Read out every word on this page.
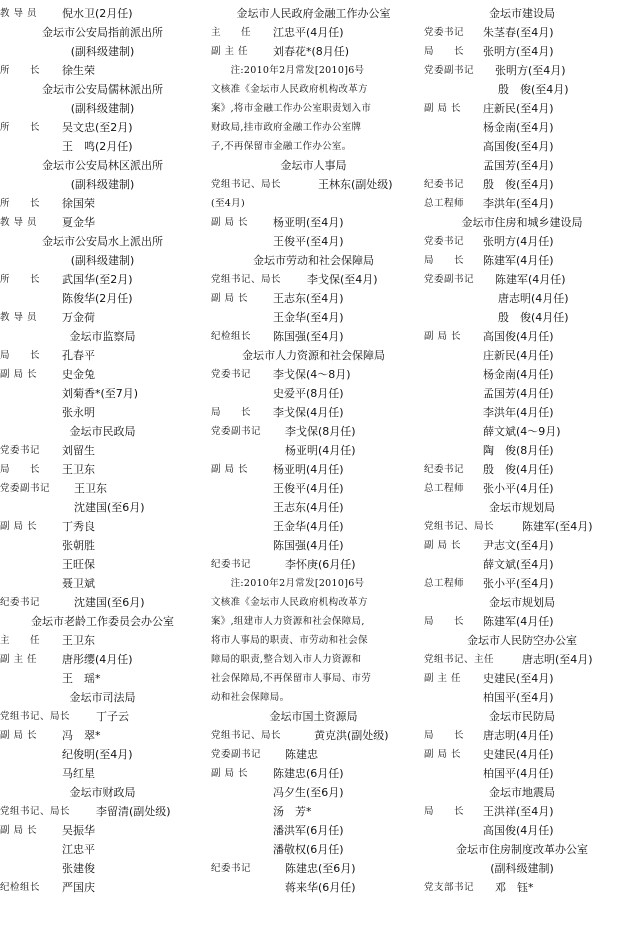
教 导 员 倪水卫(2月任)
金坛市公安局指前派出所
(副科级建制)
所　　长 徐生荣
金坛市公安局儒林派出所
(副科级建制)
所　　长 吴文忠(至2月)
王　鸣(2月任)
金坛市公安局林区派出所
(副科级建制)
所　　长 徐国荣
教 导 员 夏金华
金坛市公安局水上派出所
(副科级建制)
所　　长 武国华(至2月)
陈俊华(2月任)
教 导 员 万金荷
金坛市监察局
局　　长 孔春平
副 局 长 史金兔
刘菊香*(至7月)
张永明
金坛市民政局
党委书记 刘留生
局　　长 王卫东
党委副书记 王卫东
沈建国(至6月)
副 局 长 丁秀良
张朝胜
王旺保
聂卫斌
纪委书记	沈建国(至6月)
金坛市老龄工作委员会办公室
主　　任 王卫东
副 主 任 唐彤缨(4月任)
王　瑶*
金坛市司法局
党组书记、局长 丁子云
副 局 长 冯　翠*
纪俊明(至4月)
马红星
金坛市财政局
党组书记、局长 李留清(副处级)
副 局 长 吴振华
江忠平
张建俊
纪检组长 严国庆
金坛市人民政府金融工作办公室
主　　任 江忠平(4月任)
副 主 任 刘春花*(8月任)
　　注:2010年2月常发[2010]6号
文核准《金坛市人民政府机构改革方
案》,将市金融工作办公室职责划入市
财政局,挂市政府金融工作办公室牌
子,不再保留市金融工作办公室。
金坛市人事局
党组书记、局长	王林东(副处级)
(至4月)
副 局 长 杨亚明(至4月)
王俊平(至4月)
金坛市劳动和社会保障局
党组书记、局长 李戈保(至4月)
副 局 长 王志东(至4月)
王金华(至4月)
纪检组长 陈国强(至4月)
金坛市人力资源和社会保障局
党委书记 李戈保(4～8月)
史爱平(8月任)
局　　长 李戈保(4月任)
党委副书记 李戈保(8月任)
杨亚明(4月任)
副 局 长 杨亚明(4月任)
王俊平(4月任)
王志东(4月任)
王金华(4月任)
陈国强(4月任)
纪委书记	李怀庚(6月任)
　　注:2010年2月常发[2010]6号
文核准《金坛市人民政府机构改革方
案》,组建市人力资源和社会保障局,
将市人事局的职责、市劳动和社会保
障局的职责,整合划入市人力资源和
社会保障局,不再保留市人事局、市劳
动和社会保障局。
金坛市国土资源局
党组书记、局长	黄克洪(副处级)
党委副书记 陈建忠
副 局 长 陈建忠(6月任)
冯夕生(至6月)
汤　芳*
潘洪军(6月任)
潘敬权(6月任)
纪委书记	陈建忠(至6月)
蒋来华(6月任)
金坛市建设局
党委书记 朱茎春(至4月)
局　　长 张明方(至4月)
党委副书记 张明方(至4月)
殷　俊(至4月)
副 局 长 庄新民(至4月)
杨金南(至4月)
高国俊(至4月)
孟国芳(至4月)
纪委书记 殷　俊(至4月)
总工程师 李洪年(至4月)
金坛市住房和城乡建设局
党委书记 张明方(4月任)
局　　长 陈建军(4月任)
党委副书记 陈建军(4月任)
唐志明(4月任)
殷　俊(4月任)
副 局 长 高国俊(4月任)
庄新民(4月任)
杨金南(4月任)
孟国芳(4月任)
李洪年(4月任)
薛文斌(4～9月)
陶　俊(8月任)
纪委书记 殷　俊(4月任)
总工程师 张小平(4月任)
金坛市规划局
党组书记、局长	陈建军(至4月)
副 局 长 尹志文(至4月)
薛文斌(至4月)
总工程师 张小平(至4月)
金坛市规划局
局　　长 陈建军(4月任)
金坛市人民防空办公室
党组书记、主任	唐志明(至4月)
副 主 任 史建民(至4月)
柏国平(至4月)
金坛市民防局
局　　长 唐志明(4月任)
副 局 长 史建民(4月任)
柏国平(4月任)
金坛市地震局
局　　长 王洪祥(至4月)
高国俊(4月任)
金坛市住房制度改革办公室
(副科级建制)
党支部书记 邓　钰*
